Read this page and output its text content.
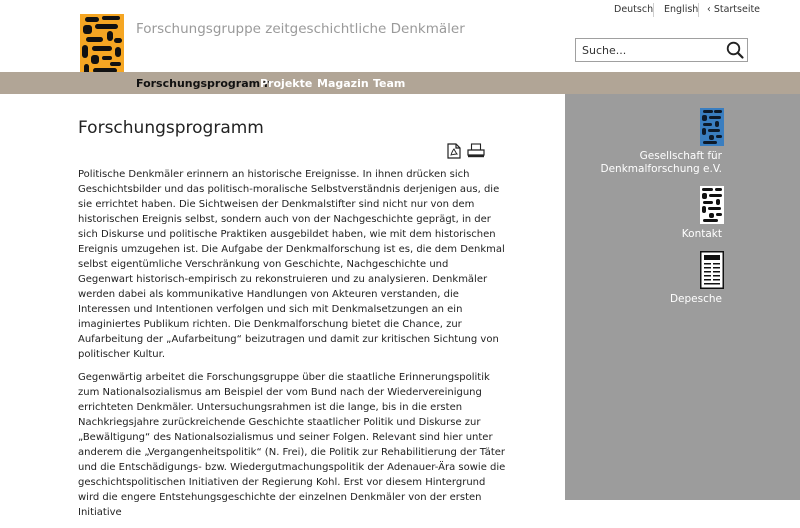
Forschungsgruppe zeitgeschichtliche Denkmäler
Deutsch English ‹ Startseite
Suche...
Forschungsprogramm
Projekte Magazin Team
Forschungsprogramm

Politische Denkmäler erinnern an historische Ereignisse. In ihnen drücken sich Geschichtsbilder und das politisch-moralische Selbstverständnis derjenigen aus, die sie errichtet haben. Die Sichtweisen der Denkmalstifter sind nicht nur von dem historischen Ereignis selbst, sondern auch von der Nachgeschichte geprägt, in der sich Diskurse und politische Praktiken ausgebildet haben, wie mit dem historischen Ereignis umzugehen ist. Die Aufgabe der Denkmalforschung ist es, die dem Denkmal selbst eigentümliche Verschränkung von Geschichte, Nachgeschichte und Gegenwart historisch-empirisch zu rekonstruieren und zu analysieren. Denkmäler werden dabei als kommunikative Handlungen von Akteuren verstanden, die Interessen und Intentionen verfolgen und sich mit Denkmalsetzungen an ein imaginiertes Publikum richten. Die Denkmalforschung bietet die Chance, zur Aufarbeitung der „Aufarbeitung“ beizutragen und damit zur kritischen Sichtung von politischer Kultur.

Gegenwärtig arbeitet die Forschungsgruppe über die staatliche Erinnerungspolitik zum Nationalsozialismus am Beispiel der vom Bund nach der Wiedervereinigung errichteten Denkmäler. Untersuchungsrahmen ist die lange, bis in die ersten Nachkriegsjahre zurückreichende Geschichte staatlicher Politik und Diskurse zur „Bewältigung“ des Nationalsozialismus und seiner Folgen. Relevant sind hier unter anderem die „Vergangenheitspolitik“ (N. Frei), die Politik zur Rehabilitierung der Täter und die Entschädigungs- bzw. Wiedergutmachungspolitik der Adenauer-Ära sowie die geschichtspolitischen Initiativen der Regierung Kohl. Erst vor diesem Hintergrund wird die engere Entstehungsgeschichte der einzelnen Denkmäler von der ersten Initiative

Gesellschaft für
Denkmalforschung e.V.
Kontakt
Depesche
